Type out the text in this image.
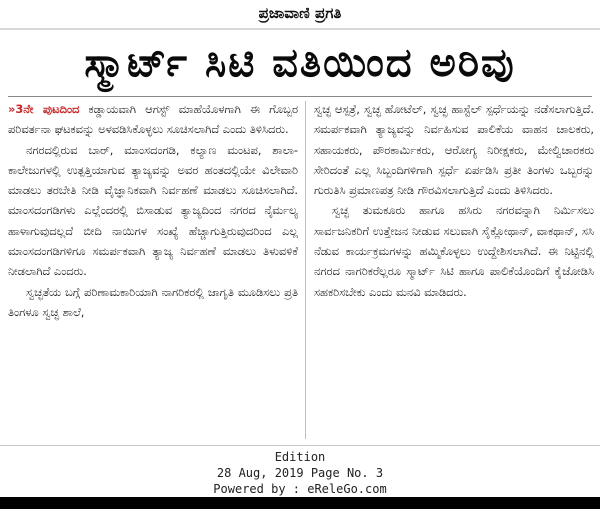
ಪ್ರಜಾವಾಣಿ ಪ್ರಗತಿ
ಸ್ಮಾರ್ಟ್ ಸಿಟಿ ವತಿಯಿಂದ ಅರಿವು

»3ನೇ ಪುಟದಿಂದ ಕಡ್ಡಾಯವಾಗಿ ಆಗಸ್ಟ್ ಮಾಹೆಯೊಳಗಾಗಿ ಈ ಗೊಬ್ಬರ ಪರಿವರ್ತನಾ ಘಟಕವನ್ನು ಅಳವಡಿಸಿಕೊಳ್ಳಲು ಸೂಚಿಸಲಾಗಿದೆ ಎಂದು ತಿಳಿಸಿದರು.

ನಗರದಲ್ಲಿರುವ ಬಾರ್, ಮಾಂಸದಂಗಡಿ, ಕಲ್ಯಾಣ ಮಂಟಪ, ಶಾಲಾ-ಕಾಲೇಜುಗಳಲ್ಲಿ ಉತ್ಪತ್ತಿಯಾಗುವ ತ್ಯಾಜ್ಯವನ್ನು ಅವರ ಹಂತದಲ್ಲಿಯೇ ವಿಲೇವಾರಿ ಮಾಡಲು ತರಬೇತಿ ನೀಡಿ ವೈಜ್ಞಾನಿಕವಾಗಿ ನಿರ್ವಹಣೆ ಮಾಡಲು ಸೂಚಿಸಲಾಗಿದೆ. ಮಾಂಸದಂಗಡಿಗಳು ಎಲ್ಲೆಂದರಲ್ಲಿ ಬಿಸಾಡುವ ತ್ಯಾಜ್ಯದಿಂದ ನಗರದ ನೈರ್ಮಲ್ಯ ಹಾಳಾಗುವುದಲ್ಲದೆ ಬೀದಿ ನಾಯಿಗಳ ಸಂಖ್ಯೆ ಹೆಚ್ಚಾಗುತ್ತಿರುವುದರಿಂದ ಎಲ್ಲ ಮಾಂಸದಂಗಡಿಗಳಿಗೂ ಸಮರ್ಪಕವಾಗಿ ತ್ಯಾಜ್ಯ ನಿರ್ವಹಣೆ ಮಾಡಲು ತಿಳುವಳಿಕೆ ನೀಡಲಾಗಿದೆ ಎಂದರು.

ಸ್ವಚ್ಛತೆಯ ಬಗ್ಗೆ ಪರಿಣಾಮಕಾರಿಯಾಗಿ ನಾಗರಿಕರಲ್ಲಿ ಜಾಗೃತಿ ಮೂಡಿಸಲು ಪ್ರತಿ ತಿಂಗಳೂ ಸ್ವಚ್ಛ ಶಾಲೆ,

ಸ್ವಚ್ಛ ಆಸ್ಪತ್ರೆ, ಸ್ವಚ್ಛ ಹೋಟೆಲ್, ಸ್ವಚ್ಛ ಹಾಸ್ಟೆಲ್ ಸ್ಪರ್ಧೆಯನ್ನು ನಡೆಸಲಾಗುತ್ತಿದೆ. ಸಮರ್ಪಕವಾಗಿ ತ್ಯಾಜ್ಯವನ್ನು ನಿರ್ವಹಿಸುವ ಪಾಲಿಕೆಯ ವಾಹನ ಚಾಲಕರು, ಸಹಾಯಕರು, ಪೌರಕಾರ್ಮಿಕರು, ಆರೋಗ್ಯ ನಿರೀಕ್ಷಕರು, ಮೇಲ್ವಿಚಾರಕರು ಸೇರಿದಂತೆ ಎಲ್ಲ ಸಿಬ್ಬಂದಿಗಳಿಗಾಗಿ ಸ್ಪರ್ಧೆ ಏರ್ಪಡಿಸಿ ಪ್ರತೀ ತಿಂಗಳು ಒಬ್ಬರನ್ನು ಗುರುತಿಸಿ ಪ್ರಮಾಣಪತ್ರ ನೀಡಿ ಗೌರವಿಸಲಾಗುತ್ತಿದೆ ಎಂದು ತಿಳಿಸಿದರು.

ಸ್ವಚ್ಛ ತುಮಕೂರು ಹಾಗೂ ಹಸಿರು ನಗರವನ್ನಾಗಿ ನಿರ್ಮಿಸಲು ಸಾರ್ವಜನಿಕರಿಗೆ ಉತ್ತೇಜನ ನೀಡುವ ಸಲುವಾಗಿ ಸೈಕ್ಲೋಥಾನ್, ವಾಕಥಾನ್, ಸಸಿ ನೆಡುವ ಕಾರ್ಯಕ್ರಮಗಳನ್ನು ಹಮ್ಮಿಕೊಳ್ಳಲು ಉದ್ದೇಶಿಸಲಾಗಿದೆ. ಈ ನಿಟ್ಟಿನಲ್ಲಿ ನಗರದ ನಾಗರಿಕರೆಲ್ಲರೂ ಸ್ಮಾರ್ಟ್ ಸಿಟಿ ಹಾಗೂ ಪಾಲಿಕೆಯೊಂದಿಗೆ ಕೈಜೋಡಿಸಿ ಸಹಕರಿಸಬೇಕು ಎಂದು ಮನವಿ ಮಾಡಿದರು.

Edition
28 Aug, 2019 Page No. 3
Powered by : eReleGo.com
